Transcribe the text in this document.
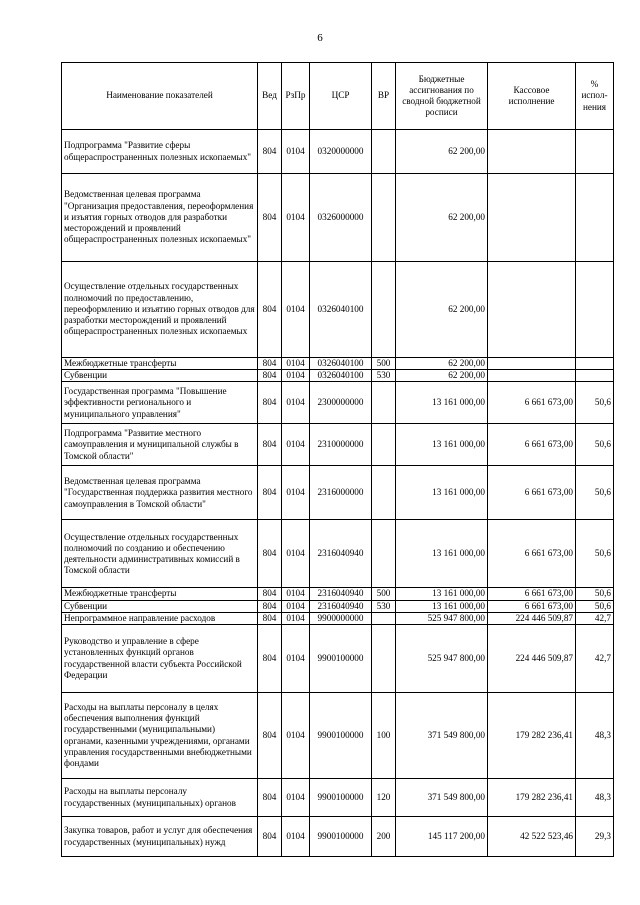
6
Наименование показателей	Вед	РзПр	ЦСР	ВР	Бюджетные ассигнования по сводной бюджетной росписи	Кассовое исполнение	% испол-нения
Подпрограмма "Развитие сферы общераспространенных полезных ископаемых"	804	0104	0320000000		62 200,00		
Ведомственная целевая программа "Организация предоставления, переоформления и изъятия горных отводов для разработки месторождений и проявлений общераспространенных полезных ископаемых"	804	0104	0326000000		62 200,00		
Осуществление отдельных государственных полномочий по предоставлению, переоформлению и изъятию горных отводов для разработки месторождений и проявлений общераспространенных полезных ископаемых	804	0104	0326040100		62 200,00		
Межбюджетные трансферты	804	0104	0326040100	500	62 200,00		
Субвенции	804	0104	0326040100	530	62 200,00		
Государственная программа "Повышение эффективности регионального и муниципального управления"	804	0104	2300000000		13 161 000,00	6 661 673,00	50,6
Подпрограмма "Развитие местного самоуправления и муниципальной службы в Томской области"	804	0104	2310000000		13 161 000,00	6 661 673,00	50,6
Ведомственная целевая программа "Государственная поддержка развития местного самоуправления в Томской области"	804	0104	2316000000		13 161 000,00	6 661 673,00	50,6
Осуществление отдельных государственных полномочий по созданию и обеспечению деятельности административных комиссий в Томской области	804	0104	2316040940		13 161 000,00	6 661 673,00	50,6
Межбюджетные трансферты	804	0104	2316040940	500	13 161 000,00	6 661 673,00	50,6
Субвенции	804	0104	2316040940	530	13 161 000,00	6 661 673,00	50,6
Непрограммное направление расходов	804	0104	9900000000		525 947 800,00	224 446 509,87	42,7
Руководство и управление в сфере установленных функций органов государственной власти субъекта Российской Федерации	804	0104	9900100000		525 947 800,00	224 446 509,87	42,7
Расходы на выплаты персоналу в целях обеспечения выполнения функций государственными (муниципальными) органами, казенными учреждениями, органами управления государственными внебюджетными фондами	804	0104	9900100000	100	371 549 800,00	179 282 236,41	48,3
Расходы на выплаты персоналу государственных (муниципальных) органов	804	0104	9900100000	120	371 549 800,00	179 282 236,41	48,3
Закупка товаров, работ и услуг для обеспечения государственных (муниципальных) нужд	804	0104	9900100000	200	145 117 200,00	42 522 523,46	29,3
